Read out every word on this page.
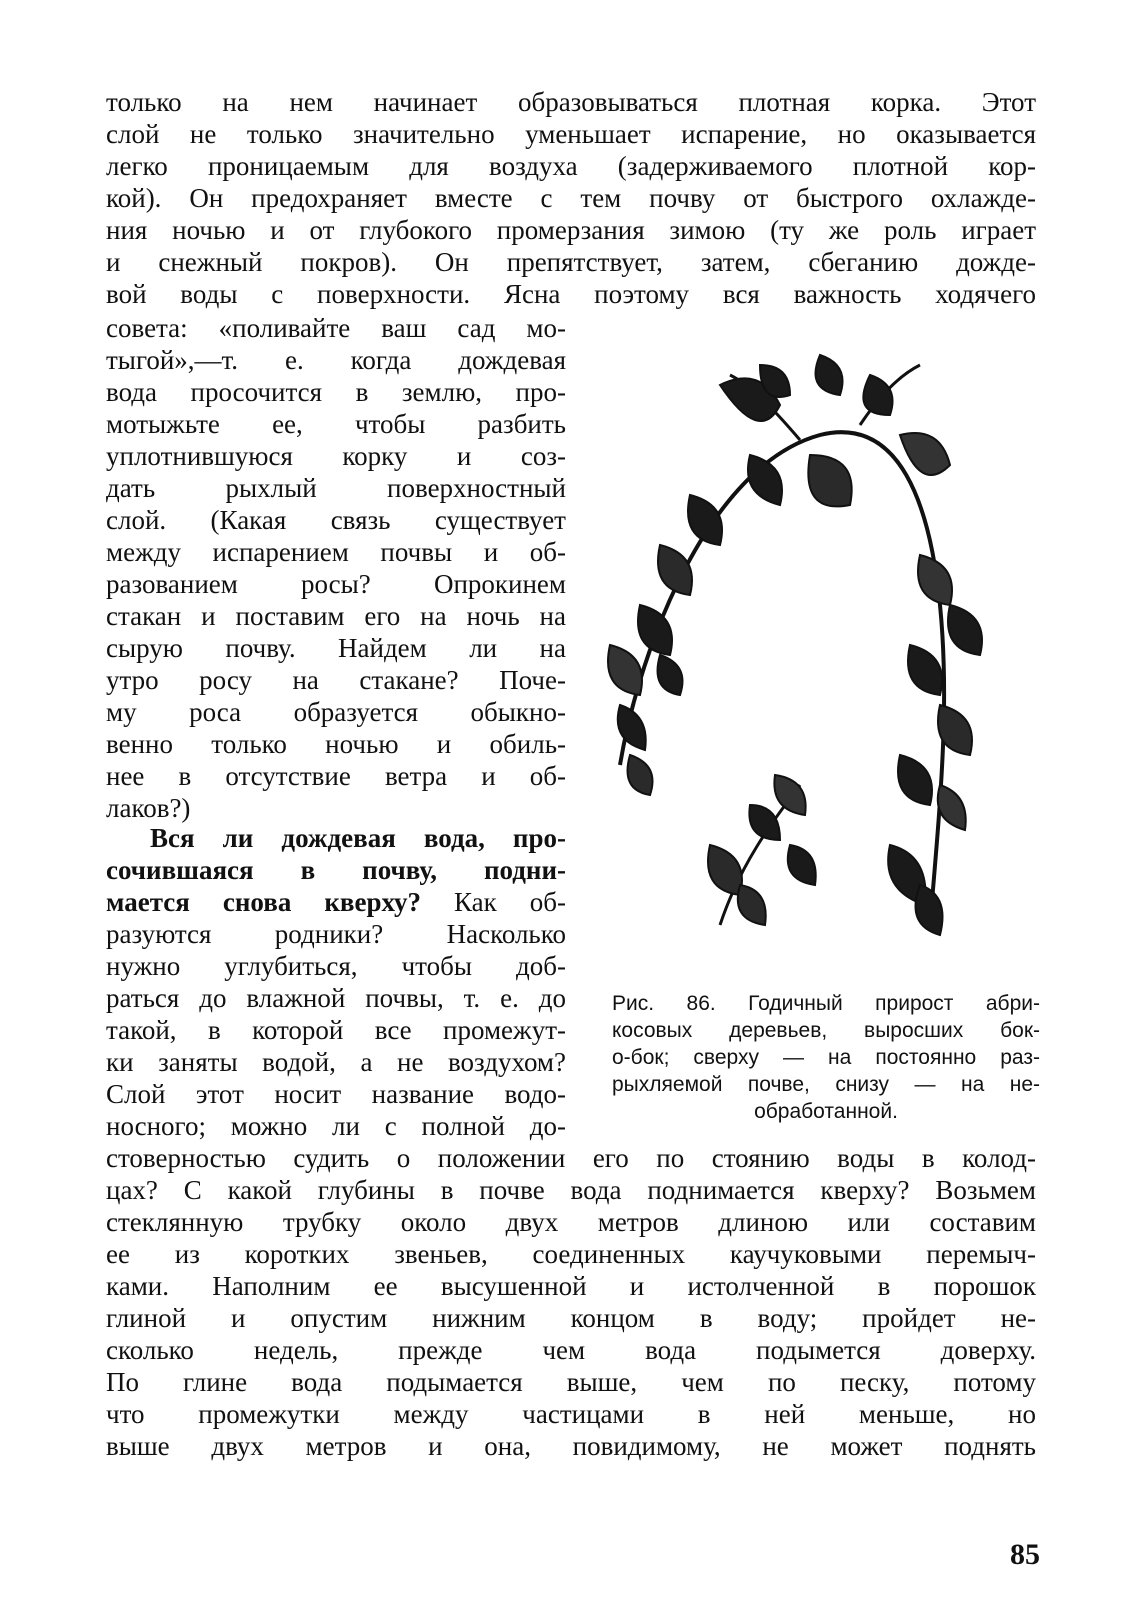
только на нем начинает образовываться плотная корка. Этот
слой не только значительно уменьшает испарение, но оказывается
легко проницаемым для воздуха (задерживаемого плотной кор-
кой). Он предохраняет вместе с тем почву от быстрого охлажде-
ния ночью и от глубокого промерзания зимою (ту же роль играет
и снежный покров). Он препятствует, затем, сбеганию дожде-
вой воды с поверхности. Ясна поэтому вся важность ходячего
совета: «поливайте ваш сад мо-
тыгой»,—т. е. когда дождевая
вода просочится в землю, про-
мотыжьте ее, чтобы разбить
уплотнившуюся корку и соз-
дать рыхлый поверхностный
слой. (Какая связь существует
между испарением почвы и об-
разованием росы? Опрокинем
стакан и поставим его на ночь на
сырую почву. Найдем ли на
утро росу на стакане? Поче-
му роса образуется обыкно-
венно только ночью и обиль-
нее в отсутствие ветра и об-
лаков?)
Вся ли дождевая вода, про-
сочившаяся в почву, подни-
мается снова кверху? Как об-
разуются родники? Насколько
нужно углубиться, чтобы доб-
раться до влажной почвы, т. е. до
такой, в которой все промежут-
ки заняты водой, а не воздухом?
Слой этот носит название водо-
носного; можно ли с полной до-
стоверностью судить о положении его по стоянию воды в колод-
цах? С какой глубины в почве вода поднимается кверху? Возьмем
стеклянную трубку около двух метров длиною или составим
ее из коротких звеньев, соединенных каучуковыми перемыч-
ками. Наполним ее высушенной и истолченной в порошок
глиной и опустим нижним концом в воду; пройдет не-
сколько недель, прежде чем вода подымется доверху.
По глине вода подымается выше, чем по песку, потому
что промежутки между частицами в ней меньше, но
выше двух метров и она, повидимому, не может поднять
Рис. 86. Годичный прирост абри-
косовых деревьев, выросших бок-
о-бок; сверху — на постоянно раз-
рыхляемой почве, снизу — на не-
обработанной.
85
